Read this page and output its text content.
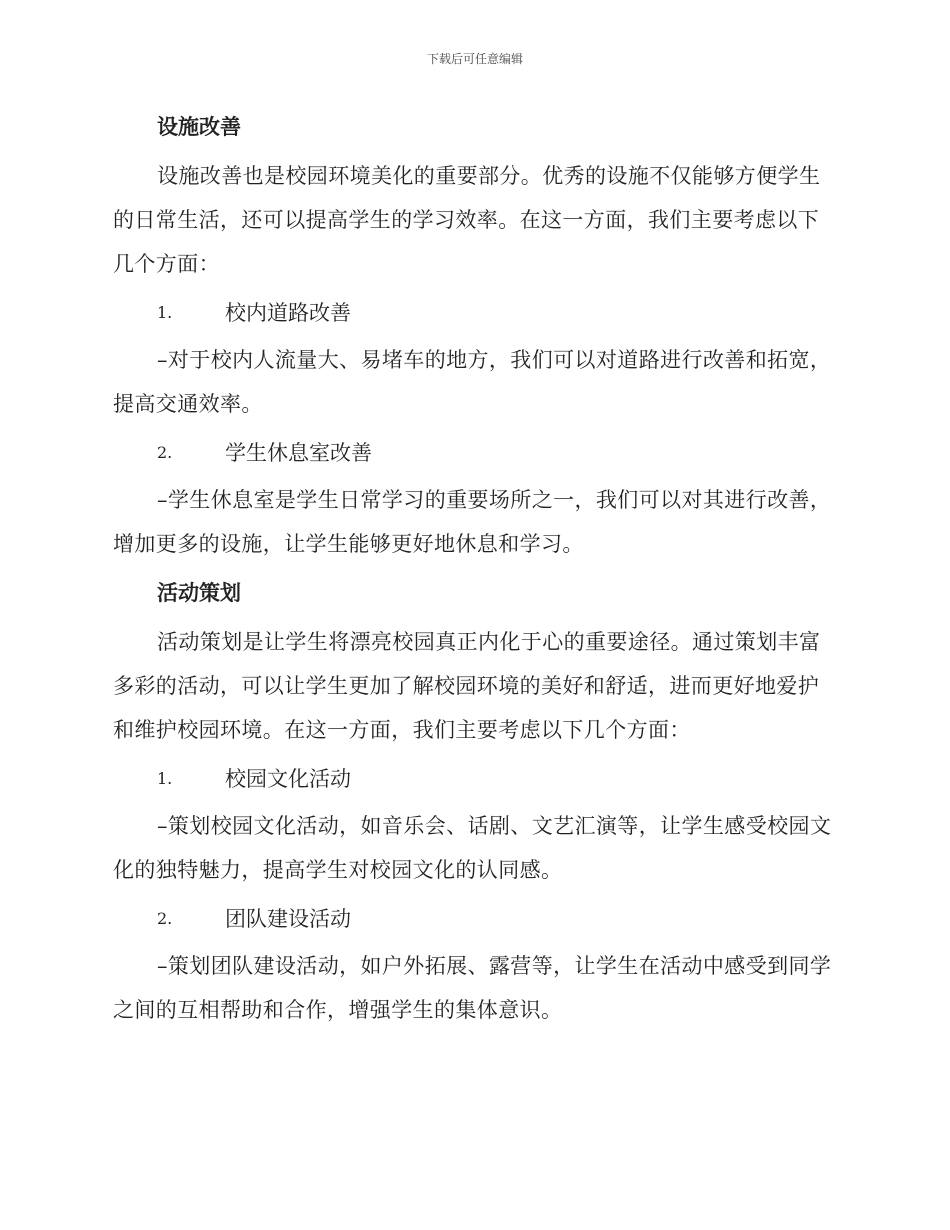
下载后可任意编辑
设施改善
设施改善也是校园环境美化的重要部分。优秀的设施不仅能够方便学生的日常生活，还可以提高学生的学习效率。在这一方面，我们主要考虑以下几个方面：
1.	校内道路改善
–对于校内人流量大、易堵车的地方，我们可以对道路进行改善和拓宽，提高交通效率。
2.	学生休息室改善
–学生休息室是学生日常学习的重要场所之一，我们可以对其进行改善，增加更多的设施，让学生能够更好地休息和学习。
活动策划
活动策划是让学生将漂亮校园真正内化于心的重要途径。通过策划丰富多彩的活动，可以让学生更加了解校园环境的美好和舒适，进而更好地爱护和维护校园环境。在这一方面，我们主要考虑以下几个方面：
1.	校园文化活动
–策划校园文化活动，如音乐会、话剧、文艺汇演等，让学生感受校园文化的独特魅力，提高学生对校园文化的认同感。
2.	团队建设活动
–策划团队建设活动，如户外拓展、露营等，让学生在活动中感受到同学之间的互相帮助和合作，增强学生的集体意识。
